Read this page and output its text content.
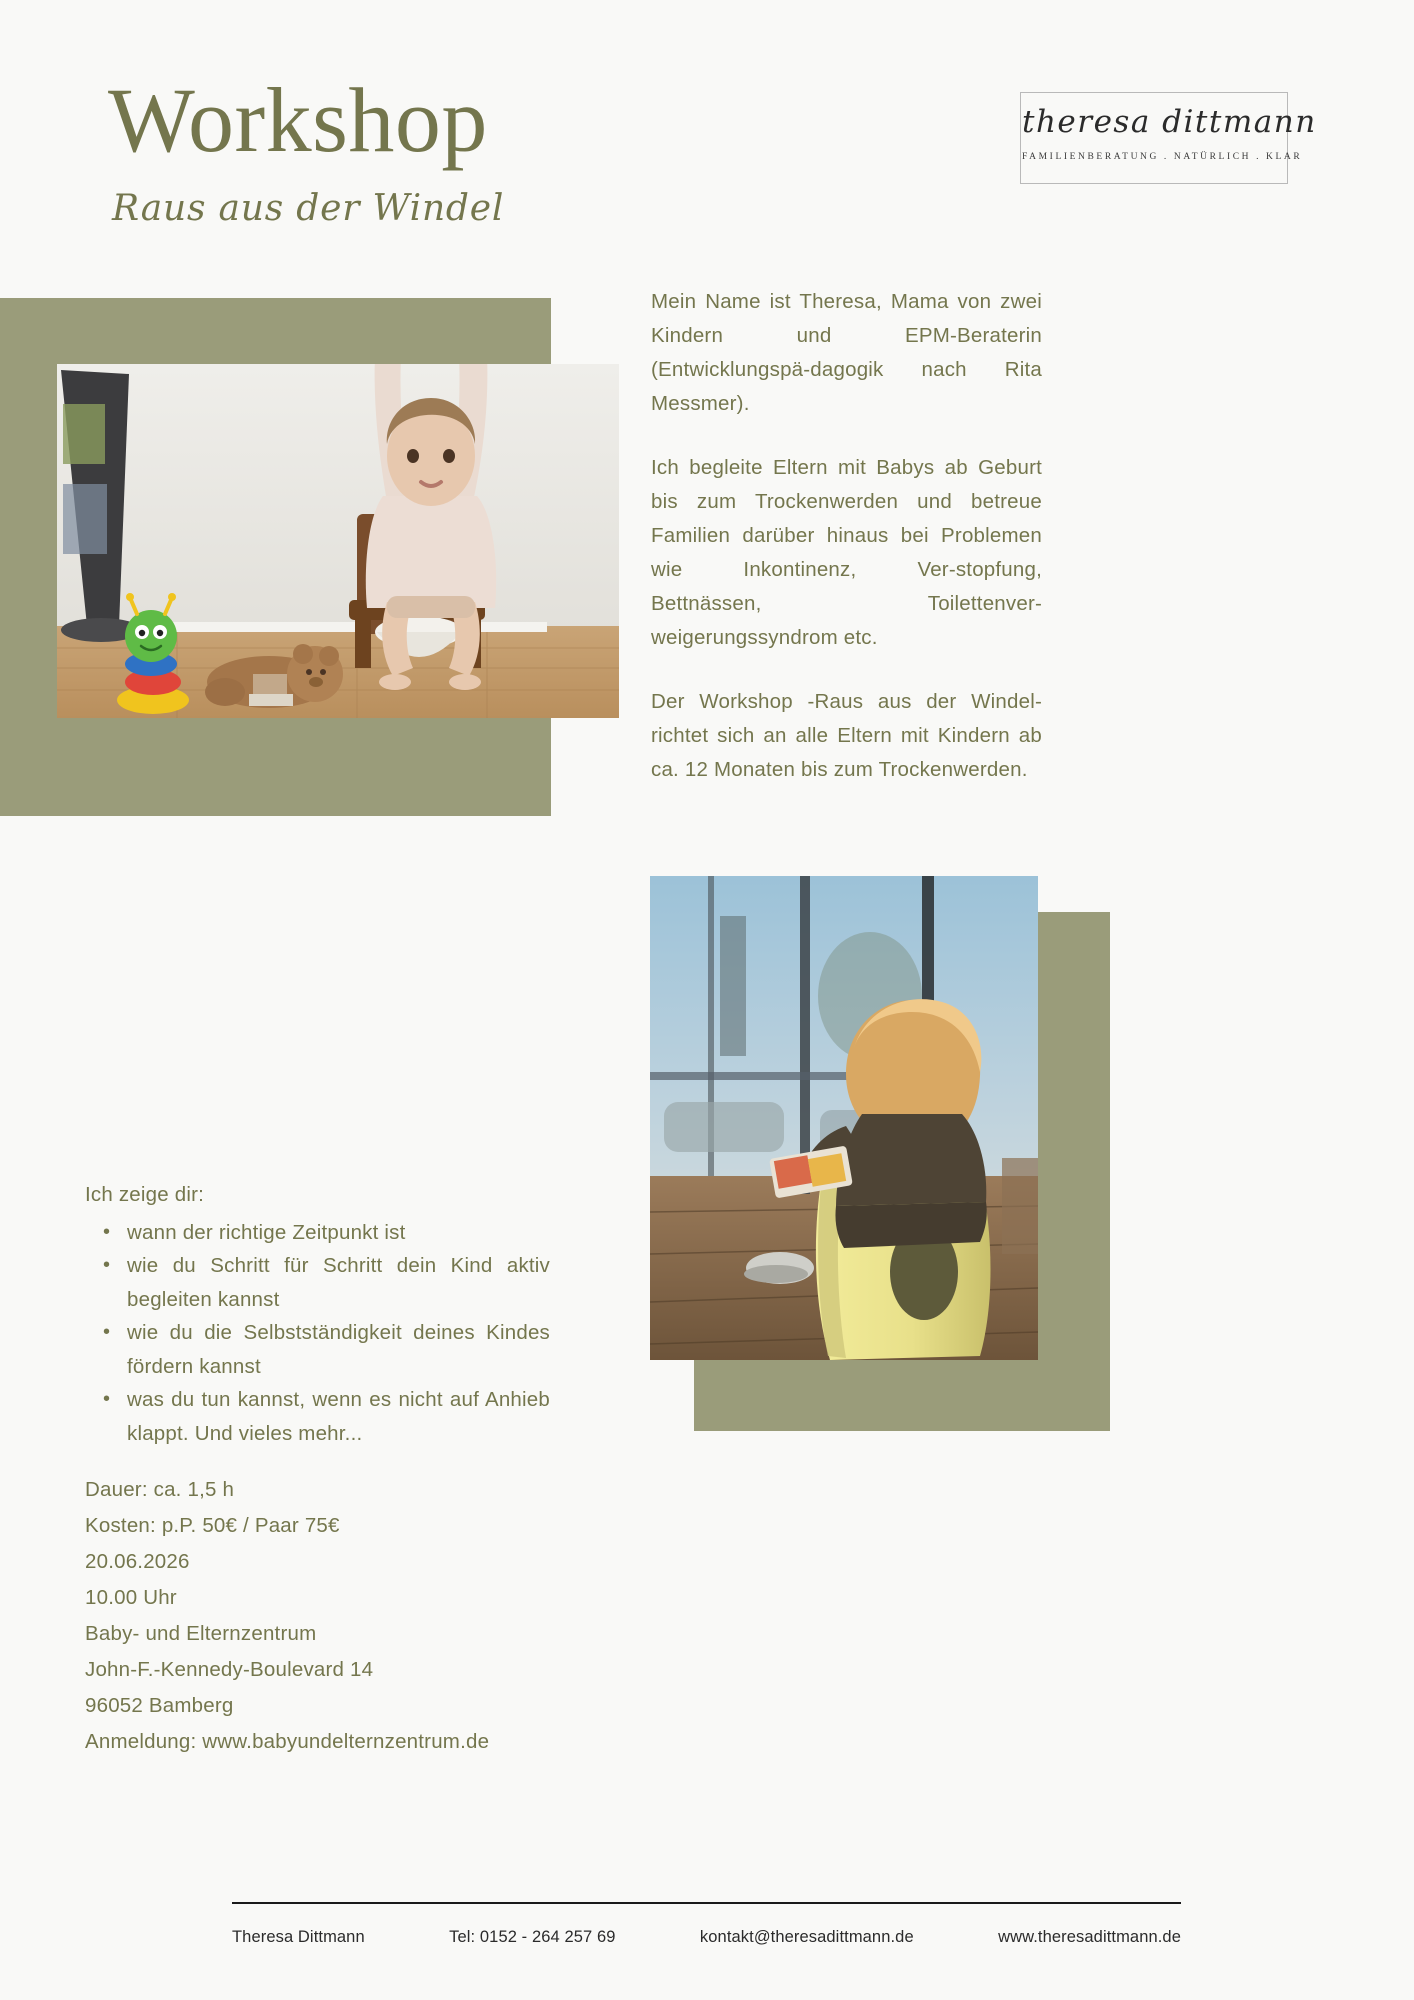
Workshop
Raus aus der Windel
theresa dittmann
FAMILIENBERATUNG . NATÜRLICH . KLAR

Mein Name ist Theresa, Mama von zwei Kindern und EPM-Beraterin (Entwicklungspä-dagogik nach Rita Messmer).

Ich begleite Eltern mit Babys ab Geburt bis zum Trockenwerden und betreue Familien darüber hinaus bei Problemen wie Inkontinenz, Ver-stopfung, Bettnässen, Toilettenver-weigerungssyndrom etc.

Der Workshop -Raus aus der Windel- richtet sich an alle Eltern mit Kindern ab ca. 12 Monaten bis zum Trockenwerden.

Ich zeige dir:
• wann der richtige Zeitpunkt ist
• wie du Schritt für Schritt dein Kind aktiv begleiten kannst
• wie du die Selbstständigkeit deines Kindes fördern kannst
• was du tun kannst, wenn es nicht auf Anhieb klappt. Und vieles mehr...
Dauer: ca. 1,5 h
Kosten: p.P. 50€ / Paar 75€
20.06.2026
10.00 Uhr
Baby- und Elternzentrum
John-F.-Kennedy-Boulevard 14
96052 Bamberg
Anmeldung: www.babyundelternzentrum.de
Theresa Dittmann	Tel: 0152 - 264 257 69	kontakt@theresadittmann.de	www.theresadittmann.de
